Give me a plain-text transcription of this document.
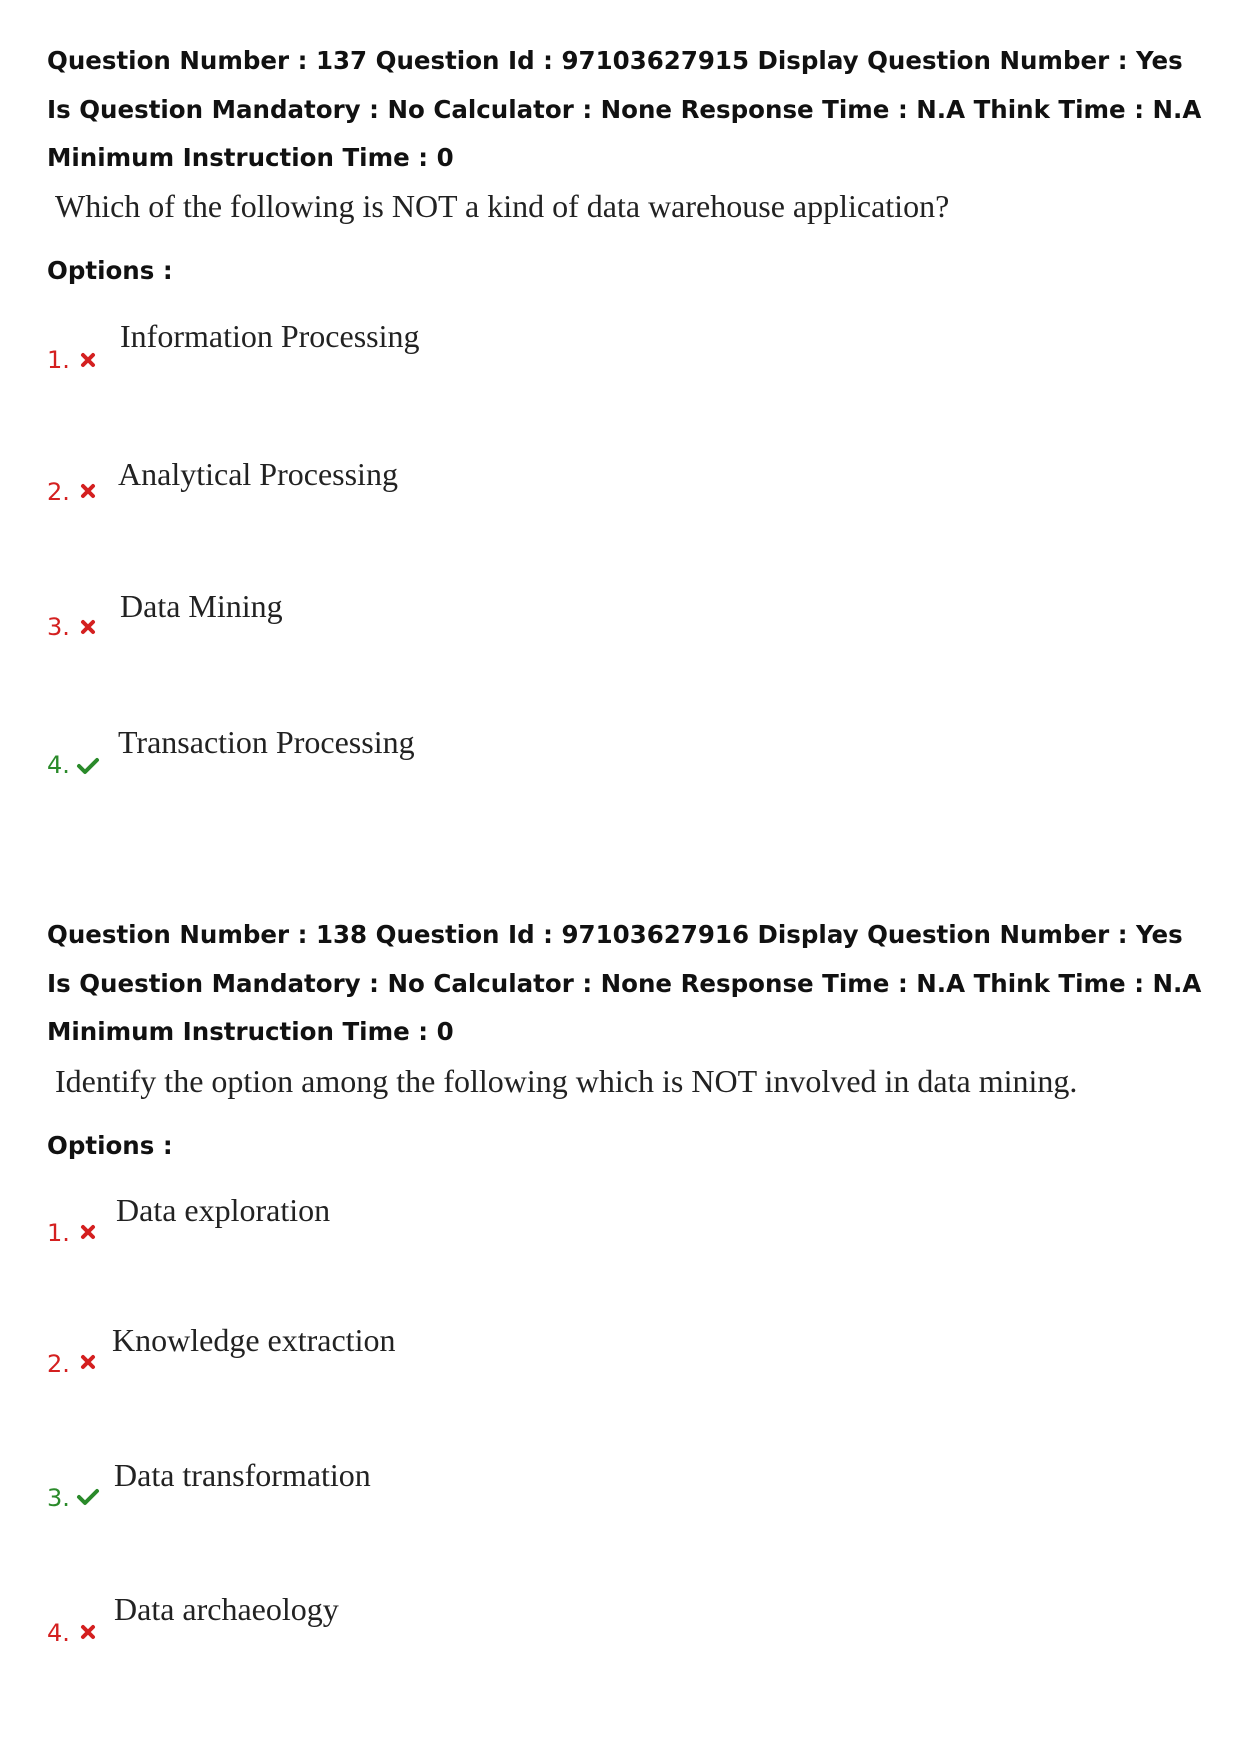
Question Number : 137 Question Id : 97103627915 Display Question Number : Yes Is Question Mandatory : No Calculator : None Response Time : N.A Think Time : N.A Minimum Instruction Time : 0

Which of the following is NOT a kind of data warehouse application?
Options :
1.
Information Processing
2. Analytical Processing
3.
Data Mining
4.
Transaction Processing

Question Number : 138 Question Id : 97103627916 Display Question Number : Yes Is Question Mandatory : No Calculator : None Response Time : N.A Think Time : N.A Minimum Instruction Time : 0

Identify the option among the following which is NOT involved in data mining.
Options :
1.
Data exploration
2.
Knowledge extraction
3.
Data transformation
4.
Data archaeology
